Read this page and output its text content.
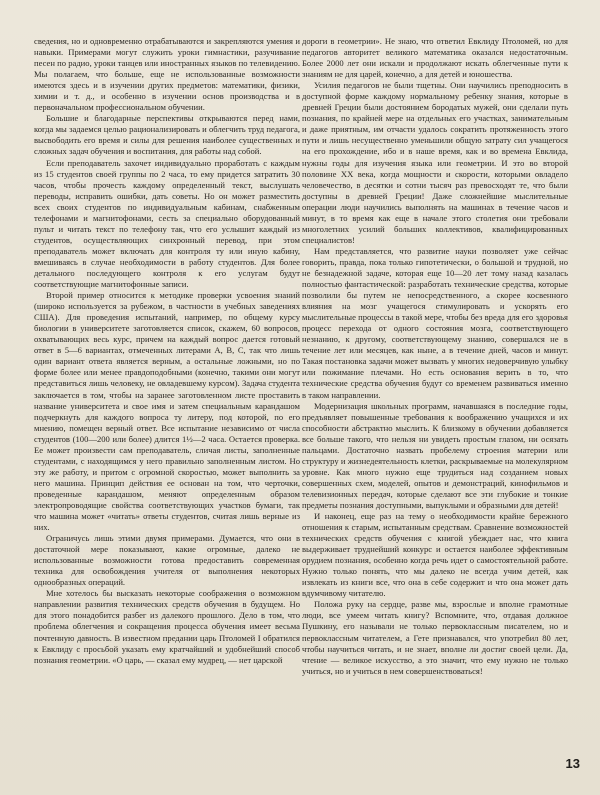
сведения, но и одновременно отрабатываются и закрепляются умения и навыки. Примерами могут служить уроки гимнастики, разучивание песен по радио, уроки танцев или иностранных языков по телевидению. Мы полагаем, что больше, еще не использованные возможности имеются здесь и в изучении других предметов: математики, физики, химии и т. д., и особенно в изучении основ производства и в первоначальном профессиональном обучении.

Большие и благодарные перспективы открываются перед нами, когда мы задаемся целью рационализировать и облегчить труд педагога, высвободить его время и силы для решения наиболее существенных и сложных задач обучения и воспитания, для работы над собой.

Если преподаватель захочет индивидуально проработать с каждым из 15 студентов своей группы по 2 часа, то ему придется затратить 30 часов, чтобы прочесть каждому определенный текст, выслушать переводы, исправить ошибки, дать советы. Но он может разместить всех своих студентов по индивидуальным кабинам, снабженным телефонами и магнитофонами, сесть за специально оборудованный пульт и читать текст по телефону так, что его услышит каждый из студентов, осуществляющих синхронный перевод, при этом преподаватель может включать для контроля ту или иную кабину, вмешиваясь в случае необходимости в работу студентов. Для более детального последующего контроля к его услугам будут соответствующие магнитофонные записи.

Второй пример относится к методике проверки усвоения знаний (широко используется за рубежом, в частности в учебных заведениях США). Для проведения испытаний, например, по общему курсу биологии в университете заготовляется список, скажем, 60 вопросов, охватывающих весь курс, причем на каждый вопрос дается готовый ответ в 5—6 вариантах, отмеченных литерами А, В, С, так что лишь один вариант ответа является верным, а остальные ложными, но по форме более или менее правдоподобными (конечно, такими они могут представиться лишь человеку, не овладевшему курсом). Задача студента заключается в том, чтобы на заранее заготовленном листе проставить название университета и свое имя и затем специальным карандашом подчеркнуть для каждого вопроса ту литеру, под которой, по его мнению, помещен верный ответ. Все испытание независимо от числа студентов (100—200 или более) длится 1½—2 часа. Остается проверка. Ее может произвести сам преподаватель, сличая листы, заполненные студентами, с находящимся у него правильно заполненным листом. Но эту же работу, и притом с огромной скоростью, может выполнить за него машина. Принцип действия ее основан на том, что черточки, проведенные карандашом, меняют определенным образом электропроводящие свойства соответствующих участков бумаги, так что машина может «читать» ответы студентов, считая лишь верные из них.

Ограничусь лишь этими двумя примерами. Думается, что они в достаточной мере показывают, какие огромные, далеко не использованные возможности готова предоставить современная техника для освобождения учителя от выполнения некоторых однообразных операций.

Мне хотелось бы высказать некоторые соображения о возможном направлении развития технических средств обучения в будущем. Но для этого понадобится разбег из далекого прошлого. Дело в том, что проблема облегчения и сокращения процесса обучения имеет весьма почтенную давность. В известном предании царь Птоломей I обратился к Евклиду с просьбой указать ему кратчайший и удобнейший способ познания геометрии. «О царь, — сказал ему мудрец, — нет царской

дороги в геометрии». Не знаю, что ответил Евклиду Птоломей, но для педагогов авторитет великого математика оказался недостаточным. Более 2000 лет они искали и продолжают искать облегченные пути к знаниям не для царей, конечно, а для детей и юношества.

Усилия педагогов не были тщетны. Они научились преподносить в доступной форме каждому нормальному ребенку знания, которые в древней Греции были достоянием бородатых мужей, они сделали путь познания, по крайней мере на отдельных его участках, занимательным и даже приятным, им отчасти удалось сократить протяженность этого пути и лишь несущественно уменьшили общую затрату сил учащегося на его прохождение, ибо и в наше время, как и во времена Евклида, нужны годы для изучения языка или геометрии. И это во второй половине XX века, когда мощности и скорости, которыми овладело человечество, в десятки и сотни тысяч раз превосходят те, что были доступны в древней Греции! Даже сложнейшие мыслительные операции люди научились выполнять на машинах в течение часов и минут, в то время как еще в начале этого столетия они требовали многолетних усилий больших коллективов, квалифицированных специалистов!

Нам представляется, что развитие науки позволяет уже сейчас говорить, правда, пока только гипотетически, о большой и трудной, но не безнадежной задаче, которая еще 10—20 лет тому назад казалась полностью фантастической: разработать технические средства, которые позволили бы путем не непосредственного, а скорее косвенного влияния на мозг учащегося стимулировать и ускорять его мыслительные процессы в такой мере, чтобы без вреда для его здоровья процесс перехода от одного состояния мозга, соответствующего незнанию, к другому, соответствующему знанию, совершался не в течение лет или месяцев, как ныне, а в течение дней, часов и минут. Такая постановка задачи может вызвать у многих недоверчивую улыбку или пожимание плечами. Но есть основания верить в то, что технические средства обучения будут со временем развиваться именно в таком направлении.

Модернизация школьных программ, начавшаяся в последние годы, предъявляет повышенные требования к воображению учащихся и их способности абстрактно мыслить. К близкому в обучении добавляется все больше такого, что нельзя ни увидеть простым глазом, ни осязать пальцами. Достаточно назвать пробелему строения материи или структуру и жизнедеятельность клетки, раскрываемые на молекулярном уровне. Как много нужно еще трудиться над созданием новых совершенных схем, моделей, опытов и демонстраций, кинофильмов и телевизионных передач, которые сделают все эти глубокие и тонкие предметы познания доступными, выпуклыми и образными для детей!

И наконец, еще раз на тему о необходимости крайне бережного отношения к старым, испытанным средствам. Сравнение возможностей технических средств обучения с книгой убеждает нас, что книга выдерживает труднейший конкурс и остается наиболее эффективным орудием познания, особенно когда речь идет о самостоятельной работе. Нужно только понять, что мы далеко не всегда учим детей, как извлекать из книги все, что она в себе содержит и что она может дать вдумчивому читателю.

Положа руку на сердце, разве мы, взрослые и вполне грамотные люди, все умеем читать книгу? Вспомните, что, отдавая должное Пушкину, его называли не только первоклассным писателем, но и первоклассным читателем, а Гете признавался, что употребил 80 лет, чтобы научиться читать, и не знает, вполне ли достиг своей цели. Да, чтение — великое искусство, а это значит, что ему нужно не только учиться, но и учиться в нем совершенствоваться!

13
